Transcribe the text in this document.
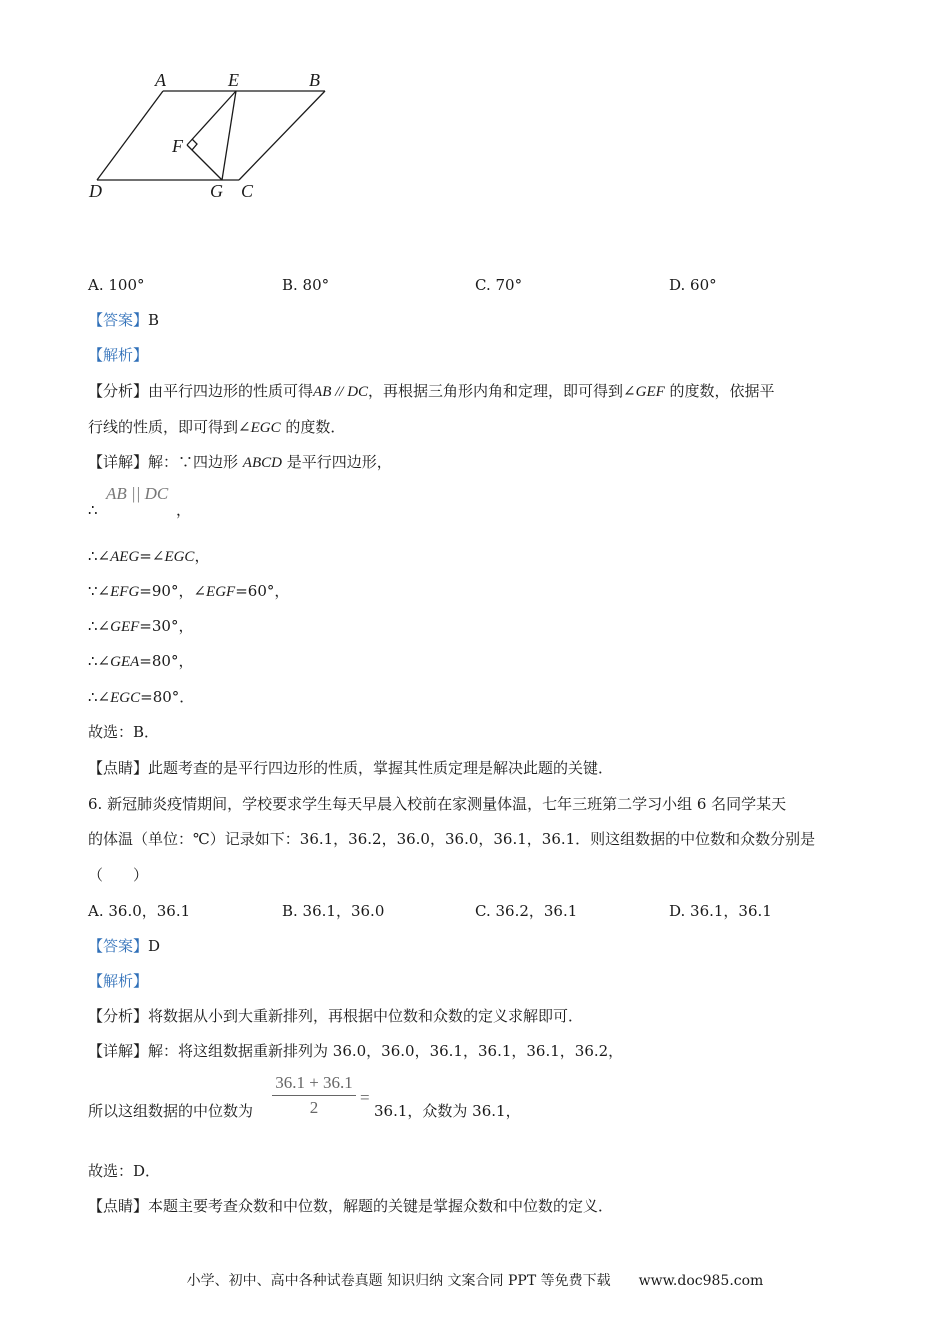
A	E	B
F
D	G C
A. 100°	B. 80°	C. 70°	D. 60°
【答案】B
【解析】
【分析】由平行四边形的性质可得AB // DC，再根据三角形内角和定理，即可得到∠GEF 的度数，依据平
行线的性质，即可得到∠EGC 的度数．
【详解】解：∵四边形 ABCD 是平行四边形，
∴
AB || DC
，
∴∠AEG=∠EGC，
∵∠EFG=90°，∠EGF=60°，
∴∠GEF=30°，
∴∠GEA=80°，
∴∠EGC=80°．
故选：B．
【点睛】此题考查的是平行四边形的性质，掌握其性质定理是解决此题的关键．
6. 新冠肺炎疫情期间，学校要求学生每天早晨入校前在家测量体温，七年三班第二学习小组 6 名同学某天
的体温（单位：℃）记录如下：36.1，36.2，36.0，36.0，36.1，36.1．则这组数据的中位数和众数分别是
（　　）
A. 36.0，36.1	B. 36.1，36.0	C. 36.2，36.1	D. 36.1，36.1
【答案】D
【解析】
【分析】将数据从小到大重新排列，再根据中位数和众数的定义求解即可．
【详解】解：将这组数据重新排列为 36.0，36.0，36.1，36.1，36.1，36.2，
所以这组数据的中位数为 $\frac{36.1 + 36.1}{2}$ =
36.1，众数为 36.1，
故选：D．
【点睛】本题主要考查众数和中位数，解题的关键是掌握众数和中位数的定义．
小学、初中、高中各种试卷真题 知识归纳 文案合同 PPT 等免费下载　　www.doc985.com
